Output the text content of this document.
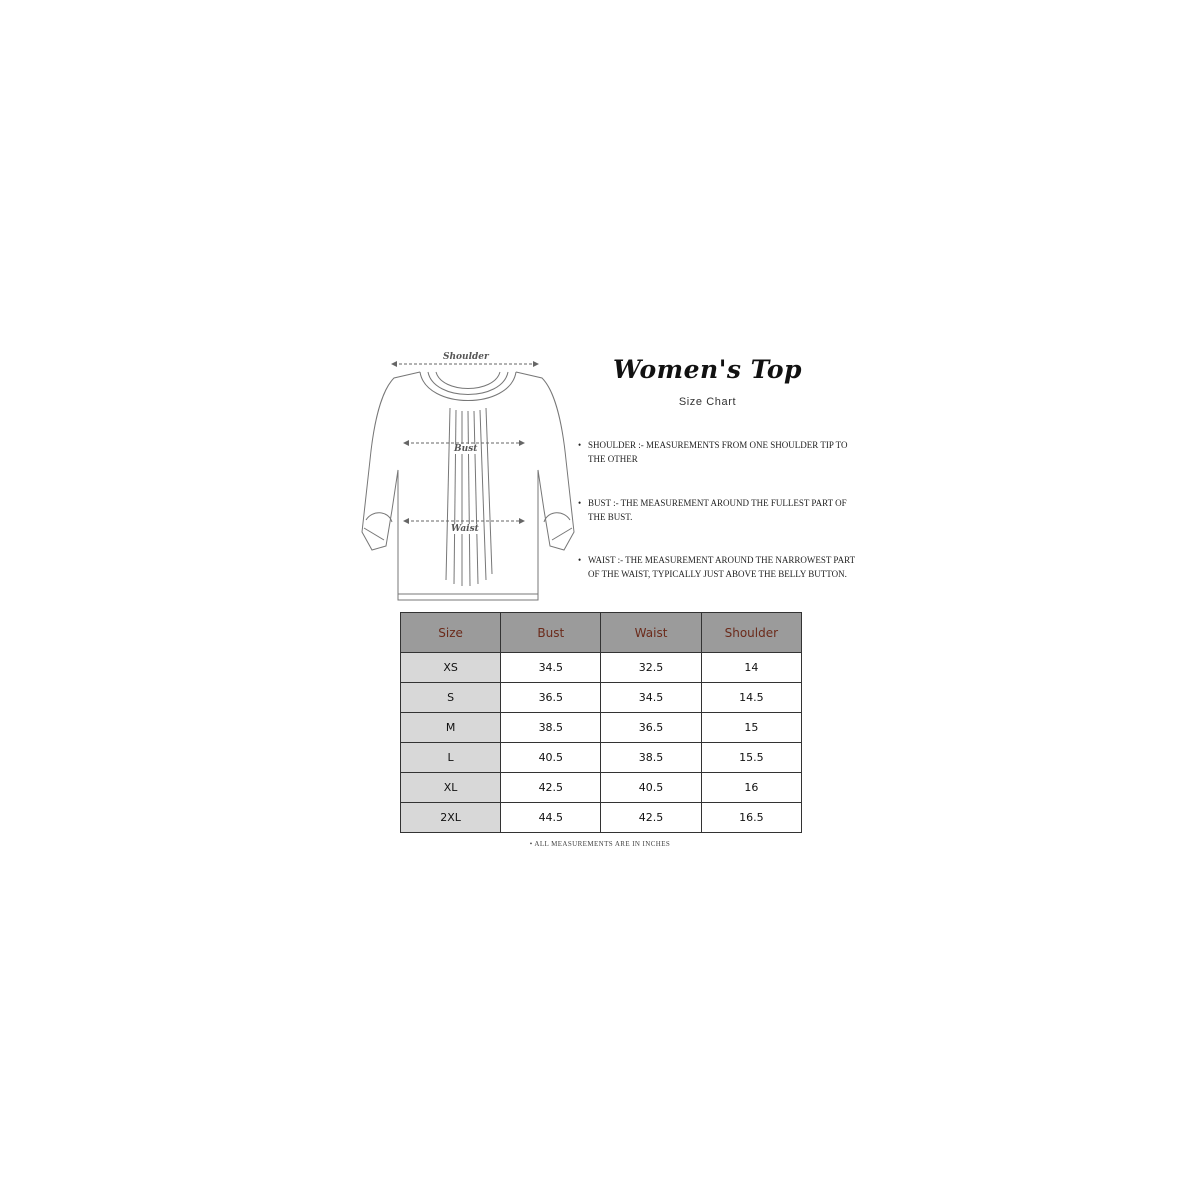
Shoulder
Bust
Waist
Women's Top
Size Chart
• SHOULDER :- MEASUREMENTS FROM ONE SHOULDER TIP TO THE OTHER
• BUST :- THE MEASUREMENT AROUND THE FULLEST PART OF THE BUST.
• WAIST :- THE MEASUREMENT AROUND THE NARROWEST PART OF THE WAIST, TYPICALLY JUST ABOVE THE BELLY BUTTON.
Size	Bust	Waist	Shoulder
XS	34.5	32.5	14
S	36.5	34.5	14.5
M	38.5	36.5	15
L	40.5	38.5	15.5
XL	42.5	40.5	16
2XL	44.5	42.5	16.5
• ALL MEASUREMENTS ARE IN INCHES
